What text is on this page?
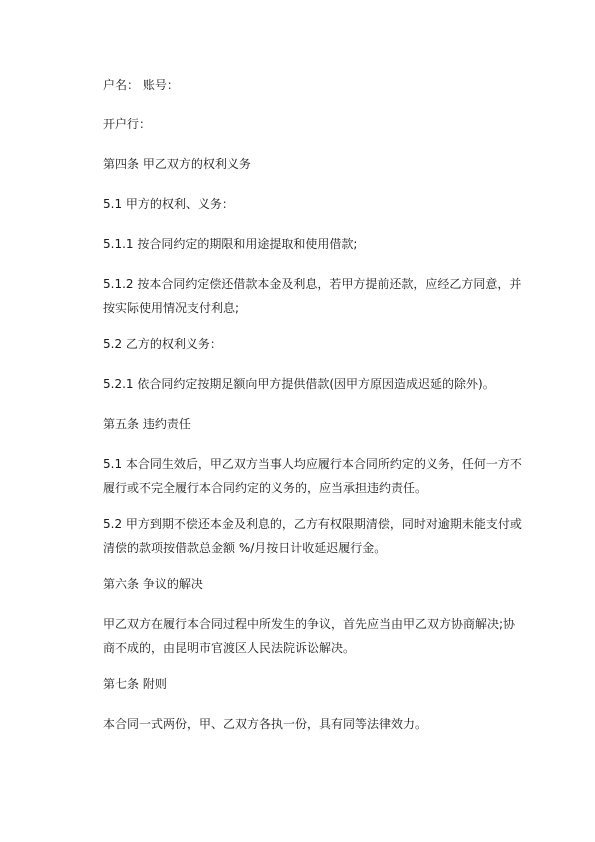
户名： 账号：

开户行：

第四条 甲乙双方的权利义务

5.1 甲方的权利、义务：

5.1.1 按合同约定的期限和用途提取和使用借款;

5.1.2 按本合同约定偿还借款本金及利息，若甲方提前还款，应经乙方同意，并按实际使用情况支付利息;

5.2 乙方的权利义务：

5.2.1 依合同约定按期足额向甲方提供借款(因甲方原因造成迟延的除外)。

第五条 违约责任

5.1 本合同生效后，甲乙双方当事人均应履行本合同所约定的义务，任何一方不履行或不完全履行本合同约定的义务的，应当承担违约责任。

5.2 甲方到期不偿还本金及利息的，乙方有权限期清偿，同时对逾期未能支付或清偿的款项按借款总金额 %/月按日计收延迟履行金。

第六条 争议的解决

甲乙双方在履行本合同过程中所发生的争议，首先应当由甲乙双方协商解决;协商不成的，由昆明市官渡区人民法院诉讼解决。

第七条 附则

本合同一式两份，甲、乙双方各执一份，具有同等法律效力。
